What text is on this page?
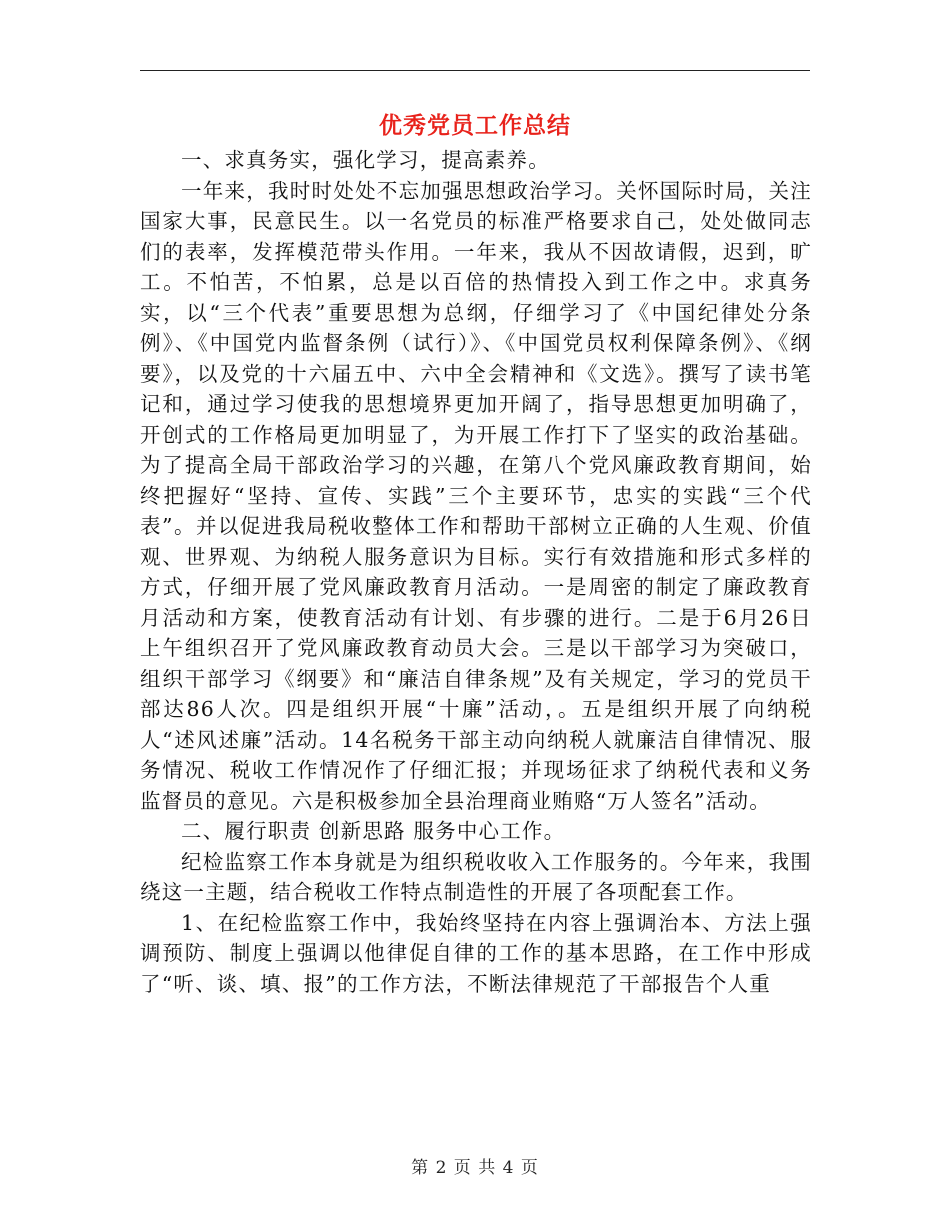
优秀党员工作总结

一、求真务实，强化学习，提高素养。

一年来，我时时处处不忘加强思想政治学习。关怀国际时局，关注国家大事，民意民生。以一名党员的标准严格要求自己，处处做同志们的表率，发挥模范带头作用。一年来，我从不因故请假，迟到，旷工。不怕苦，不怕累，总是以百倍的热情投入到工作之中。求真务实，以“三个代表”重要思想为总纲，仔细学习了《中国纪律处分条例》、《中国党内监督条例（试行）》、《中国党员权利保障条例》、《纲要》，以及党的十六届五中、六中全会精神和《文选》。撰写了读书笔记和，通过学习使我的思想境界更加开阔了，指导思想更加明确了，开创式的工作格局更加明显了，为开展工作打下了坚实的政治基础。为了提高全局干部政治学习的兴趣，在第八个党风廉政教育期间，始终把握好“坚持、宣传、实践”三个主要环节，忠实的实践“三个代表”。并以促进我局税收整体工作和帮助干部树立正确的人生观、价值观、世界观、为纳税人服务意识为目标。实行有效措施和形式多样的方式，仔细开展了党风廉政教育月活动。一是周密的制定了廉政教育月活动和方案，使教育活动有计划、有步骤的进行。二是于6月26日上午组织召开了党风廉政教育动员大会。三是以干部学习为突破口，组织干部学习《纲要》和“廉洁自律条规”及有关规定，学习的党员干部达86人次。四是组织开展“十廉”活动，。五是组织开展了向纳税人“述风述廉”活动。14名税务干部主动向纳税人就廉洁自律情况、服务情况、税收工作情况作了仔细汇报；并现场征求了纳税代表和义务监督员的意见。六是积极参加全县治理商业贿赂“万人签名”活动。

二、履行职责 创新思路 服务中心工作。

纪检监察工作本身就是为组织税收收入工作服务的。今年来，我围绕这一主题，结合税收工作特点制造性的开展了各项配套工作。

1、在纪检监察工作中，我始终坚持在内容上强调治本、方法上强调预防、制度上强调以他律促自律的工作的基本思路，在工作中形成了“听、谈、填、报”的工作方法，不断法律规范了干部报告个人重

第 2 页 共 4 页
